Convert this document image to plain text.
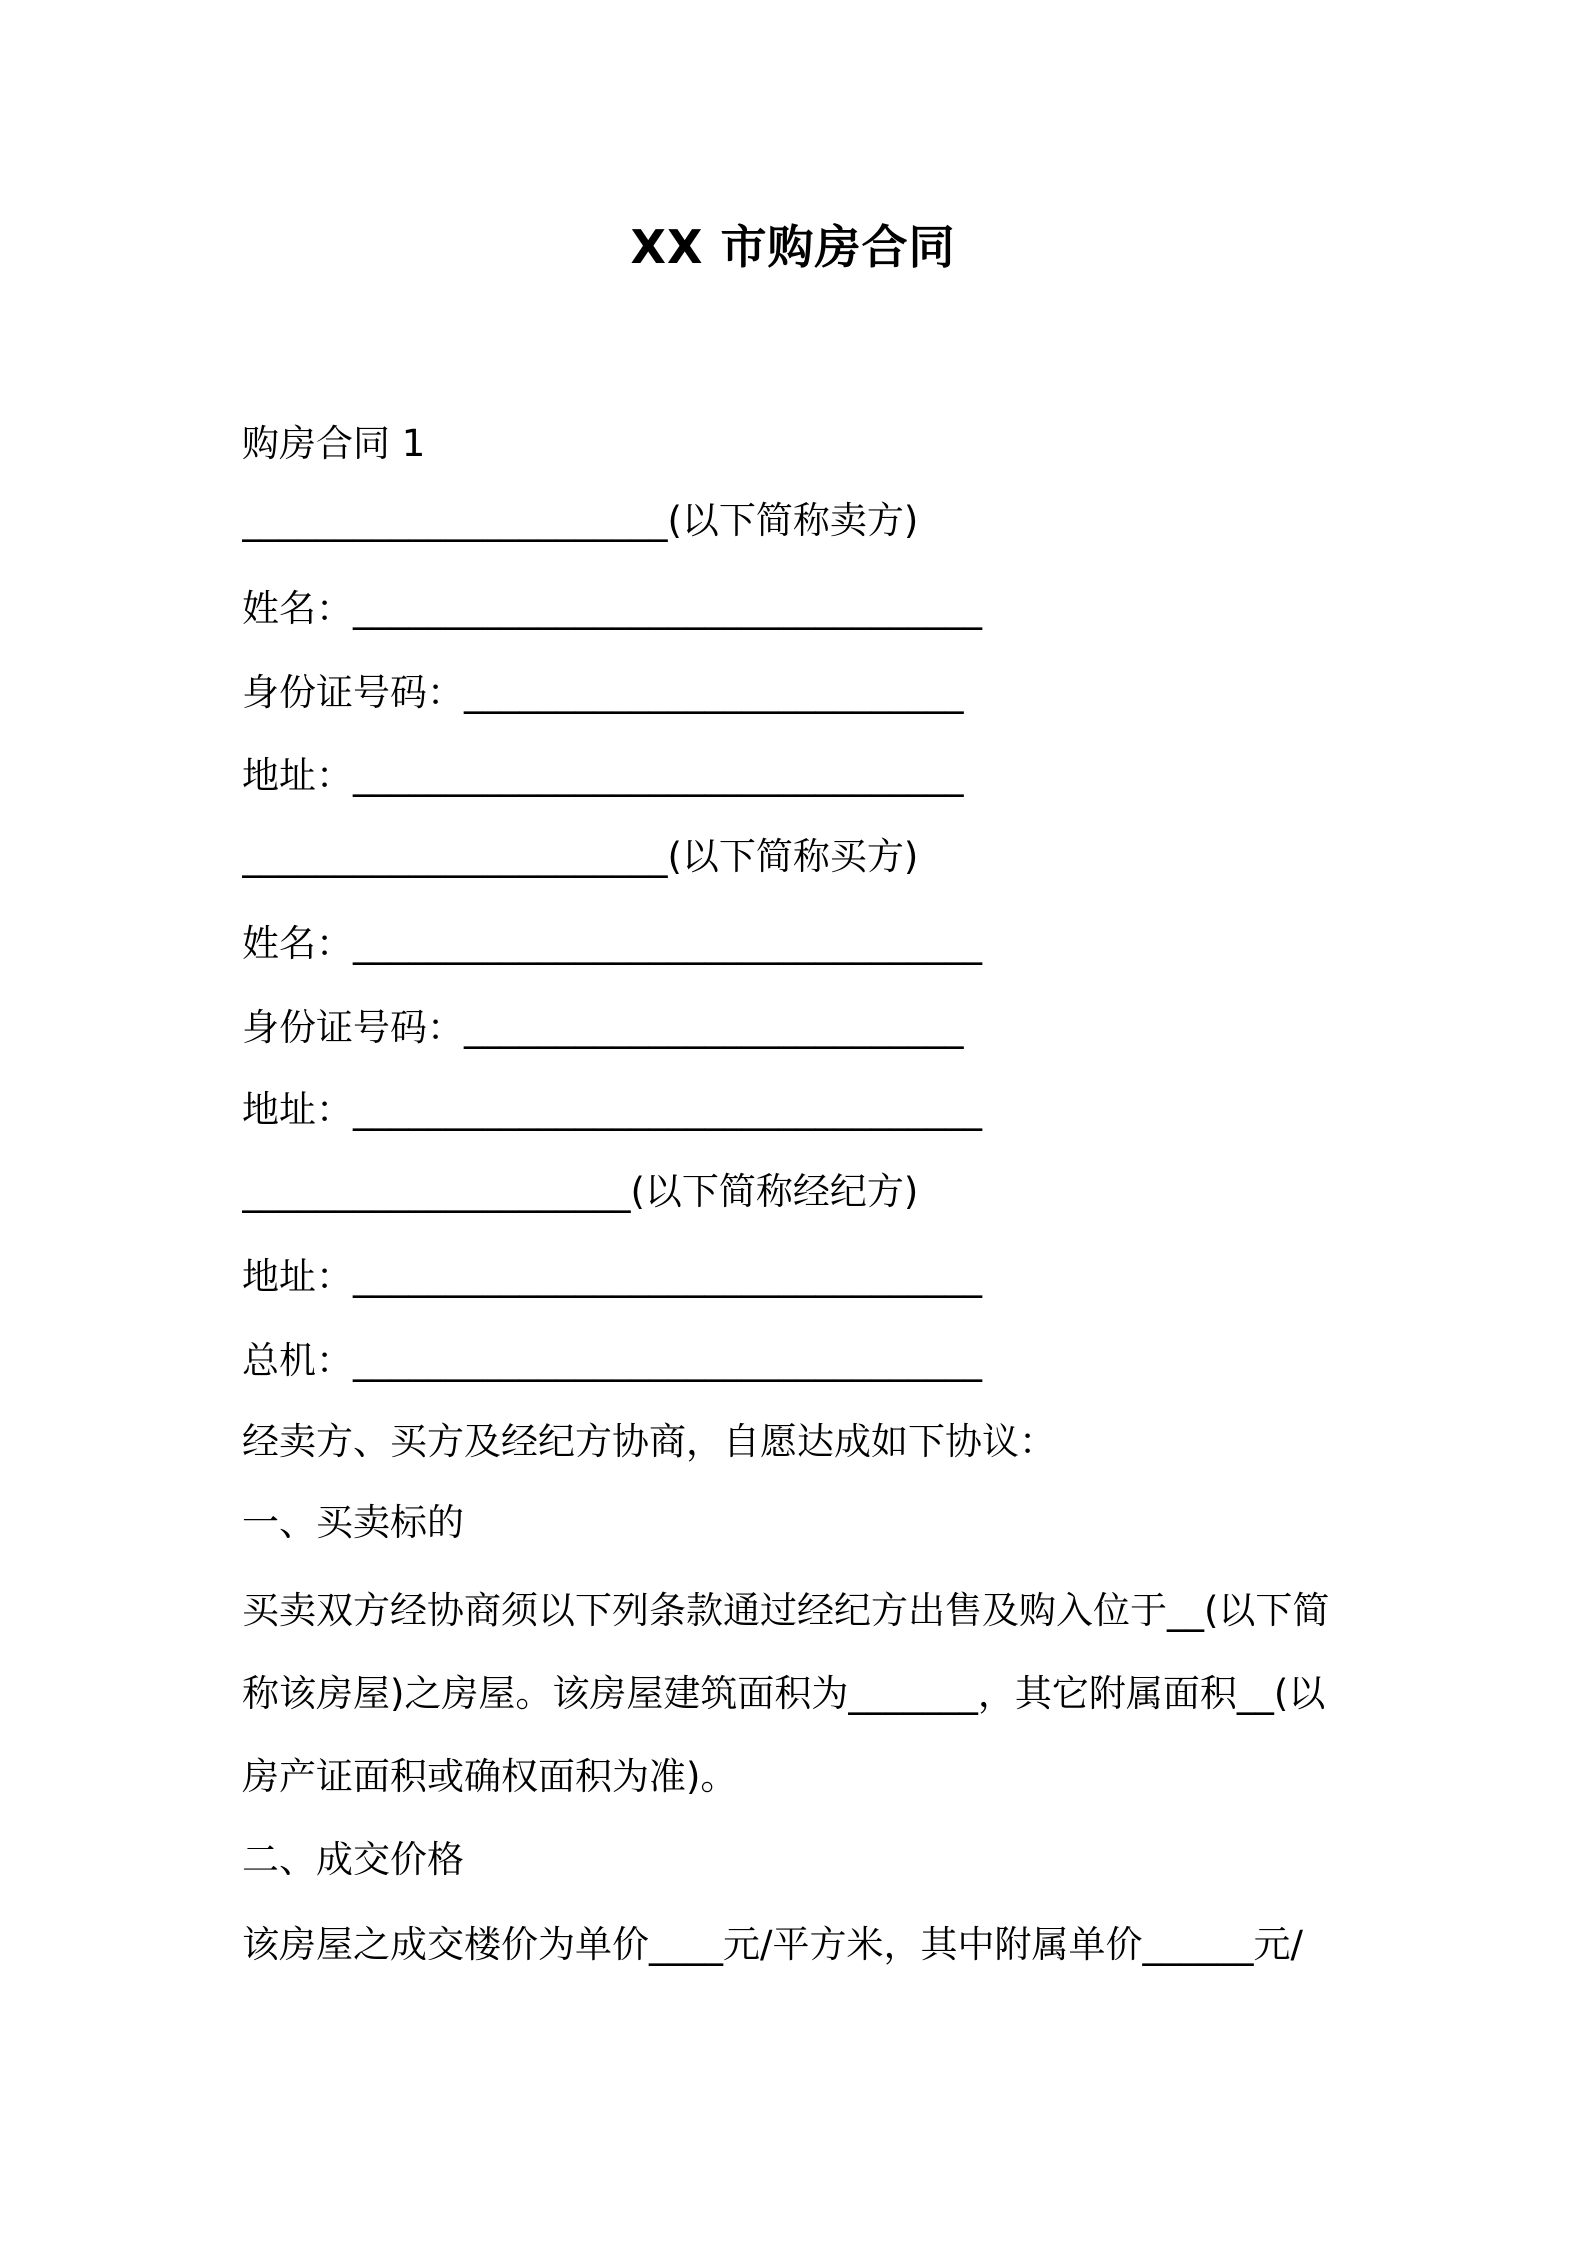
XX 市购房合同
购房合同 1
_______________________(以下简称卖方)
姓名：__________________________________
身份证号码：___________________________
地址：_________________________________
_______________________(以下简称买方)
姓名：__________________________________
身份证号码：___________________________
地址：__________________________________
_____________________(以下简称经纪方)
地址：__________________________________
总机：__________________________________
经卖方、买方及经纪方协商，自愿达成如下协议：
一、买卖标的
买卖双方经协商须以下列条款通过经纪方出售及购入位于__(以下简
称该房屋)之房屋。该房屋建筑面积为_______，其它附属面积__(以
房产证面积或确权面积为准)。
二、成交价格
该房屋之成交楼价为单价____元/平方米，其中附属单价______元/
